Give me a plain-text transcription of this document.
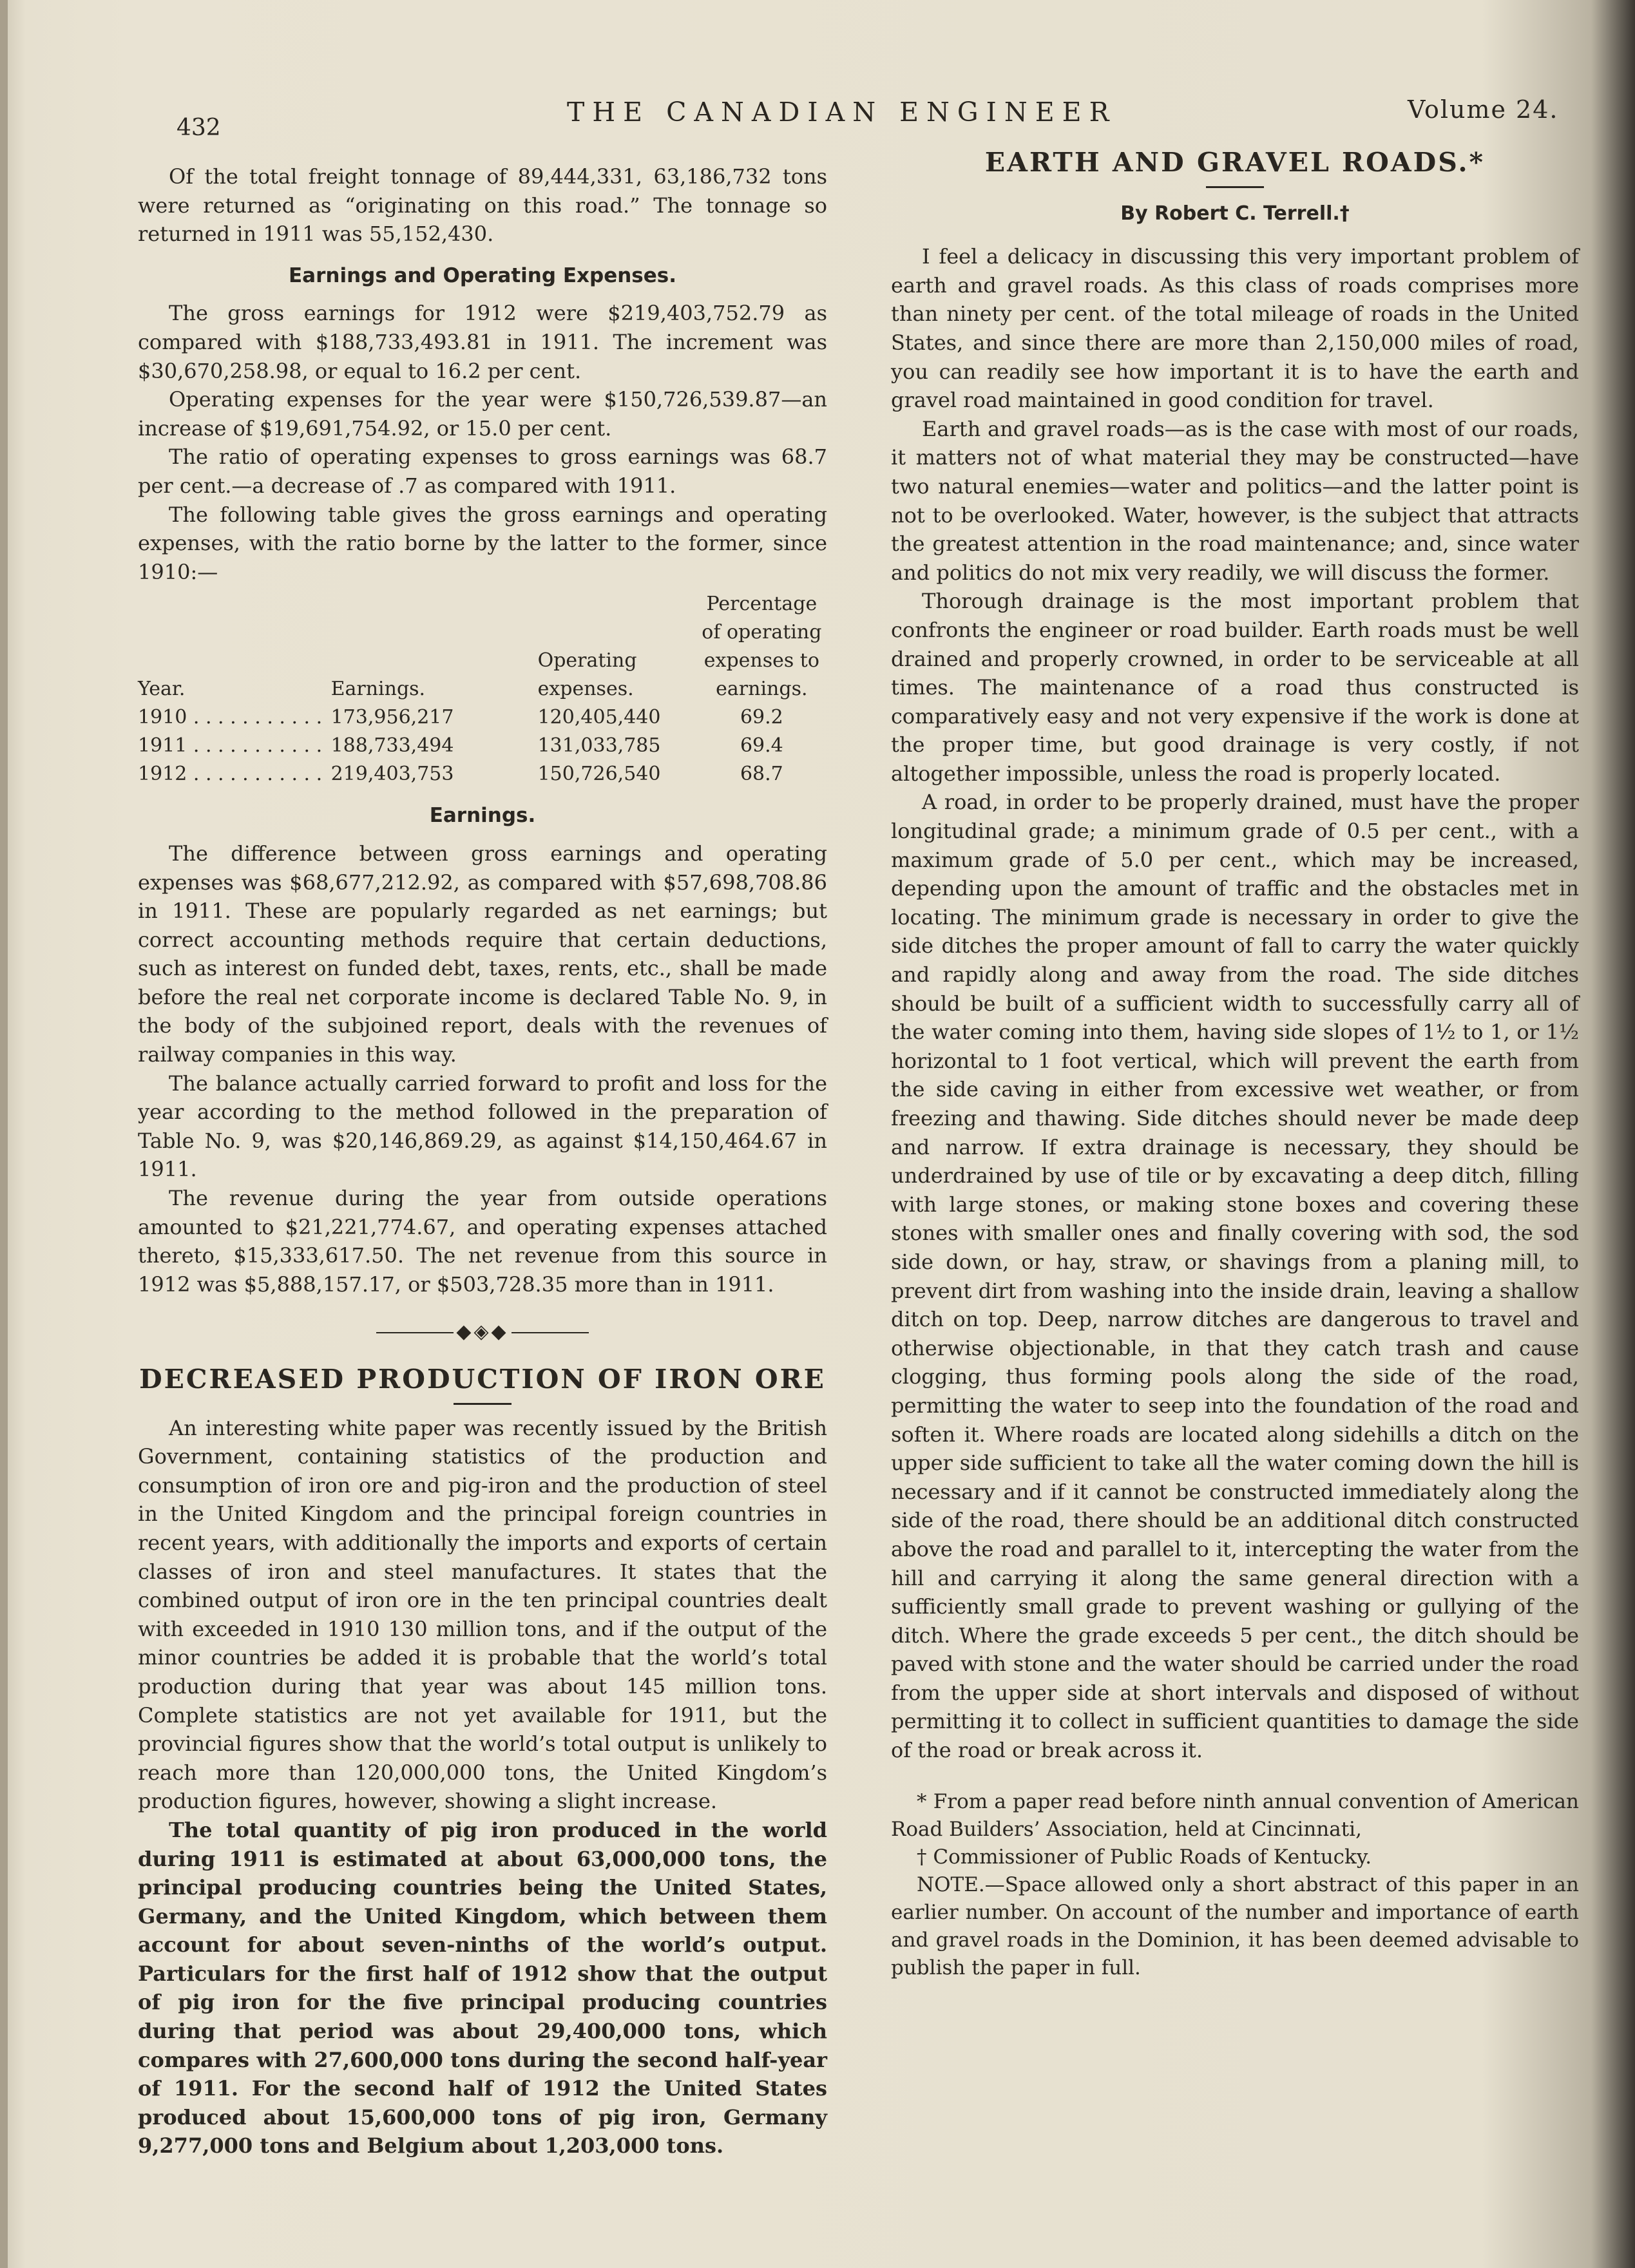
432
THE CANADIAN ENGINEER	Volume 24.

Of the total freight tonnage of 89,444,331, 63,186,732 tons were returned as “originating on this road.” The tonnage so returned in 1911 was 55,152,430.

Earnings and Operating Expenses.

The gross earnings for 1912 were $219,403,752.79 as compared with $188,733,493.81 in 1911. The increment was $30,670,258.98, or equal to 16.2 per cent.

Operating expenses for the year were $150,726,539.87—an increase of $19,691,754.92, or 15.0 per cent.

The ratio of operating expenses to gross earnings was 68.7 per cent.—a decrease of .7 as compared with 1911.

The following table gives the gross earnings and operating expenses, with the ratio borne by the latter to the former, since 1910:—

Year.	Earnings.	Operating expenses.	Percentage of operating expenses to earnings.
1910 . . . . . . . . . . .	173,956,217	120,405,440	69.2
1911 . . . . . . . . . . .	188,733,494	131,033,785	69.4
1912 . . . . . . . . . . .	219,403,753	150,726,540	68.7
Earnings.

The difference between gross earnings and operating expenses was $68,677,212.92, as compared with $57,698,708.86 in 1911. These are popularly regarded as net earnings; but correct accounting methods require that certain deductions, such as interest on funded debt, taxes, rents, etc., shall be made before the real net corporate income is declared Table No. 9, in the body of the subjoined report, deals with the revenues of railway companies in this way.

The balance actually carried forward to profit and loss for the year according to the method followed in the preparation of Table No. 9, was $20,146,869.29, as against $14,150,464.67 in 1911.

The revenue during the year from outside operations amounted to $21,221,774.67, and operating expenses attached thereto, $15,333,617.50. The net revenue from this source in 1912 was $5,888,157.17, or $503,728.35 more than in 1911.

◆◈◆
DECREASED PRODUCTION OF IRON ORE

An interesting white paper was recently issued by the British Government, containing statistics of the production and consumption of iron ore and pig-iron and the production of steel in the United Kingdom and the principal foreign countries in recent years, with additionally the imports and exports of certain classes of iron and steel manufactures. It states that the combined output of iron ore in the ten principal countries dealt with exceeded in 1910 130 million tons, and if the output of the minor countries be added it is probable that the world’s total production during that year was about 145 million tons. Complete statistics are not yet available for 1911, but the provincial figures show that the world’s total output is unlikely to reach more than 120,000,000 tons, the United Kingdom’s production figures, however, showing a slight increase.

The total quantity of pig iron produced in the world during 1911 is estimated at about 63,000,000 tons, the principal producing countries being the United States, Germany, and the United Kingdom, which between them account for about seven-ninths of the world’s output. Particulars for the first half of 1912 show that the output of pig iron for the five principal producing countries during that period was about 29,400,000 tons, which compares with 27,600,000 tons during the second half-year of 1911. For the second half of 1912 the United States produced about 15,600,000 tons of pig iron, Germany 9,277,000 tons and Belgium about 1,203,000 tons.

EARTH AND GRAVEL ROADS.*
By Robert C. Terrell.†

I feel a delicacy in discussing this very important problem of earth and gravel roads. As this class of roads comprises more than ninety per cent. of the total mileage of roads in the United States, and since there are more than 2,150,000 miles of road, you can readily see how important it is to have the earth and gravel road maintained in good condition for travel.

Earth and gravel roads—as is the case with most of our roads, it matters not of what material they may be constructed—have two natural enemies—water and politics—and the latter point is not to be overlooked. Water, however, is the subject that attracts the greatest attention in the road maintenance; and, since water and politics do not mix very readily, we will discuss the former.

Thorough drainage is the most important problem that confronts the engineer or road builder. Earth roads must be well drained and properly crowned, in order to be serviceable at all times. The maintenance of a road thus constructed is comparatively easy and not very expensive if the work is done at the proper time, but good drainage is very costly, if not altogether impossible, unless the road is properly located.

A road, in order to be properly drained, must have the proper longitudinal grade; a minimum grade of 0.5 per cent., with a maximum grade of 5.0 per cent., which may be increased, depending upon the amount of traffic and the obstacles met in locating. The minimum grade is necessary in order to give the side ditches the proper amount of fall to carry the water quickly and rapidly along and away from the road. The side ditches should be built of a sufficient width to successfully carry all of the water coming into them, having side slopes of 1½ to 1, or 1½ horizontal to 1 foot vertical, which will prevent the earth from the side caving in either from excessive wet weather, or from freezing and thawing. Side ditches should never be made deep and narrow. If extra drainage is necessary, they should be underdrained by use of tile or by excavating a deep ditch, filling with large stones, or making stone boxes and covering these stones with smaller ones and finally covering with sod, the sod side down, or hay, straw, or shavings from a planing mill, to prevent dirt from washing into the inside drain, leaving a shallow ditch on top. Deep, narrow ditches are dangerous to travel and otherwise objectionable, in that they catch trash and cause clogging, thus forming pools along the side of the road, permitting the water to seep into the foundation of the road and soften it. Where roads are located along sidehills a ditch on the upper side sufficient to take all the water coming down the hill is necessary and if it cannot be constructed immediately along the side of the road, there should be an additional ditch constructed above the road and parallel to it, intercepting the water from the hill and carrying it along the same general direction with a sufficiently small grade to prevent washing or gullying of the ditch. Where the grade exceeds 5 per cent., the ditch should be paved with stone and the water should be carried under the road from the upper side at short intervals and disposed of without permitting it to collect in sufficient quantities to damage the side of the road or break across it.

* From a paper read before ninth annual convention of American Road Builders’ Association, held at Cincinnati,

† Commissioner of Public Roads of Kentucky.

NOTE.—Space allowed only a short abstract of this paper in an earlier number. On account of the number and importance of earth and gravel roads in the Dominion, it has been deemed advisable to publish the paper in full.
